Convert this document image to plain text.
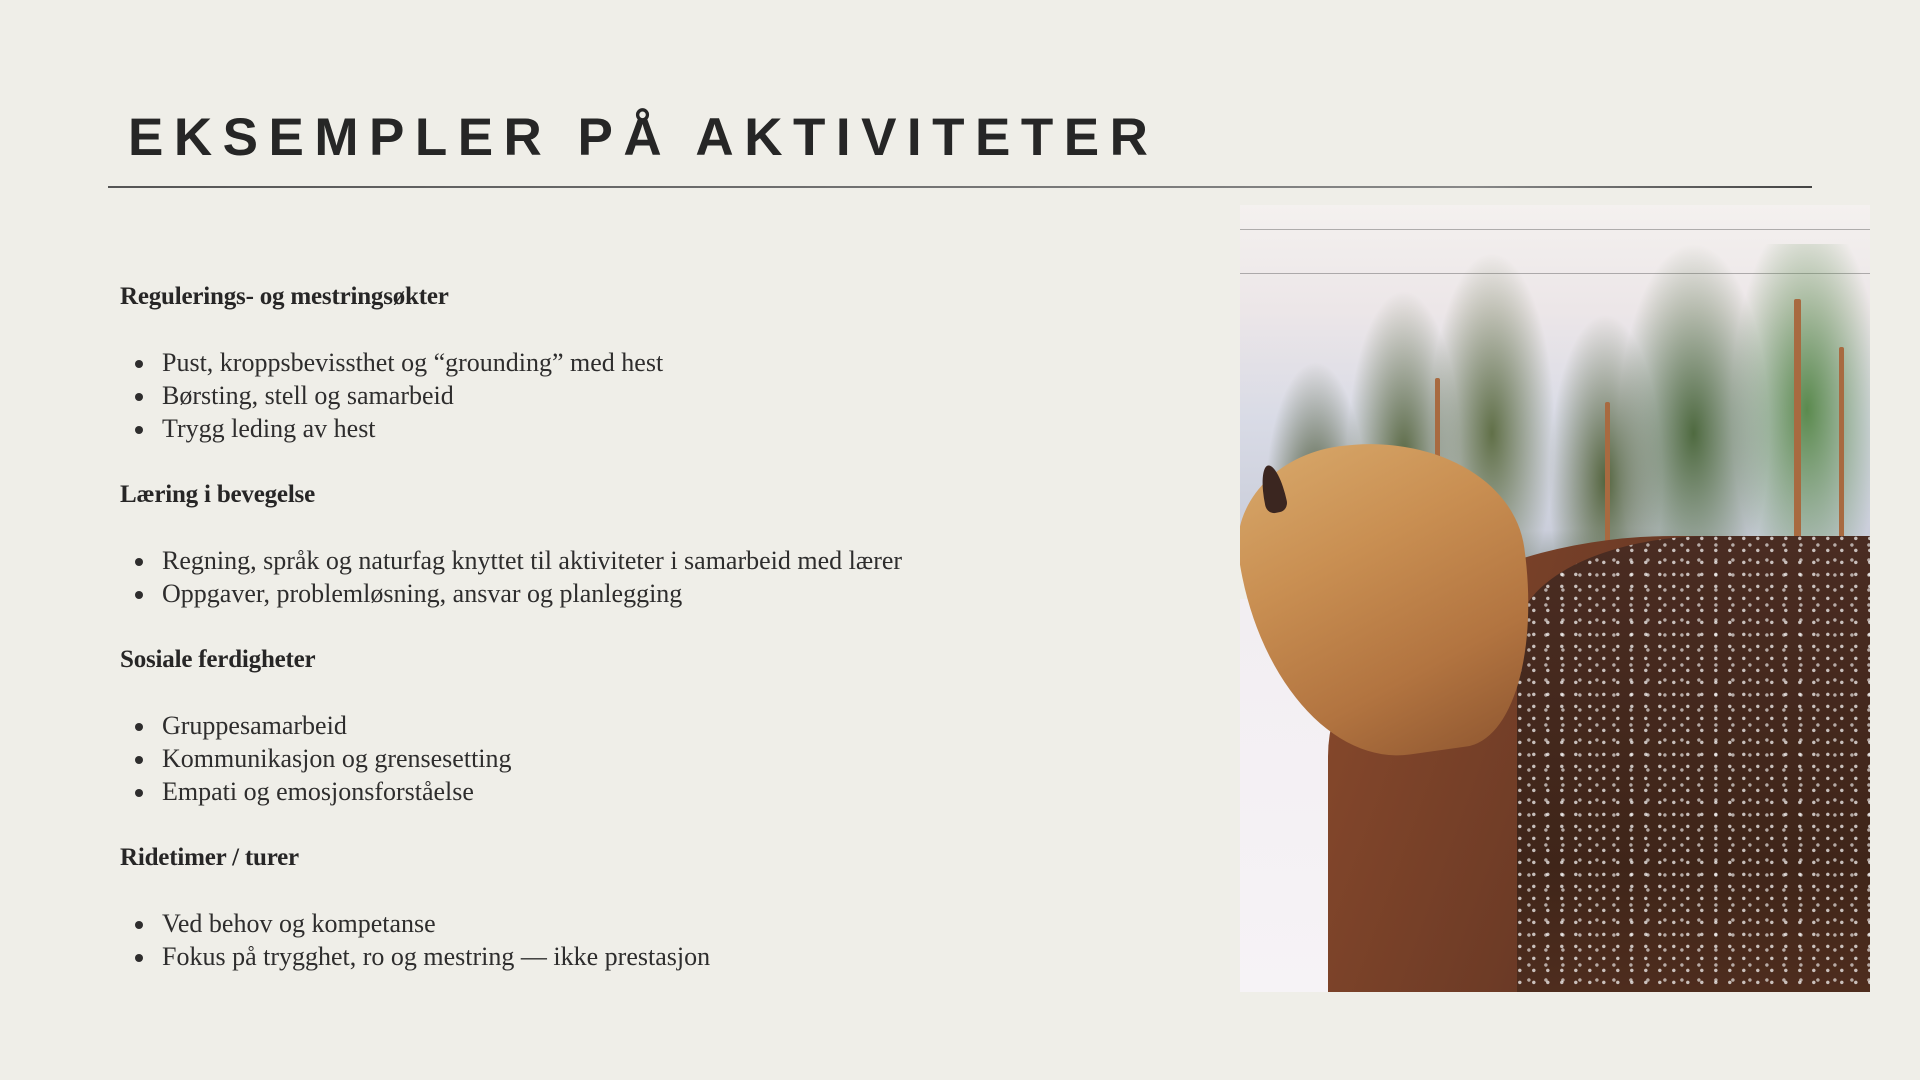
EKSEMPLER PÅ AKTIVITETER
Regulerings- og mestringsøkter
Pust, kroppsbevissthet og “grounding” med hest
Børsting, stell og samarbeid
Trygg leding av hest
Læring i bevegelse
Regning, språk og naturfag knyttet til aktiviteter i samarbeid med lærer
Oppgaver, problemløsning, ansvar og planlegging
Sosiale ferdigheter
Gruppesamarbeid
Kommunikasjon og grensesetting
Empati og emosjonsforståelse
Ridetimer / turer
Ved behov og kompetanse
Fokus på trygghet, ro og mestring — ikke prestasjon
